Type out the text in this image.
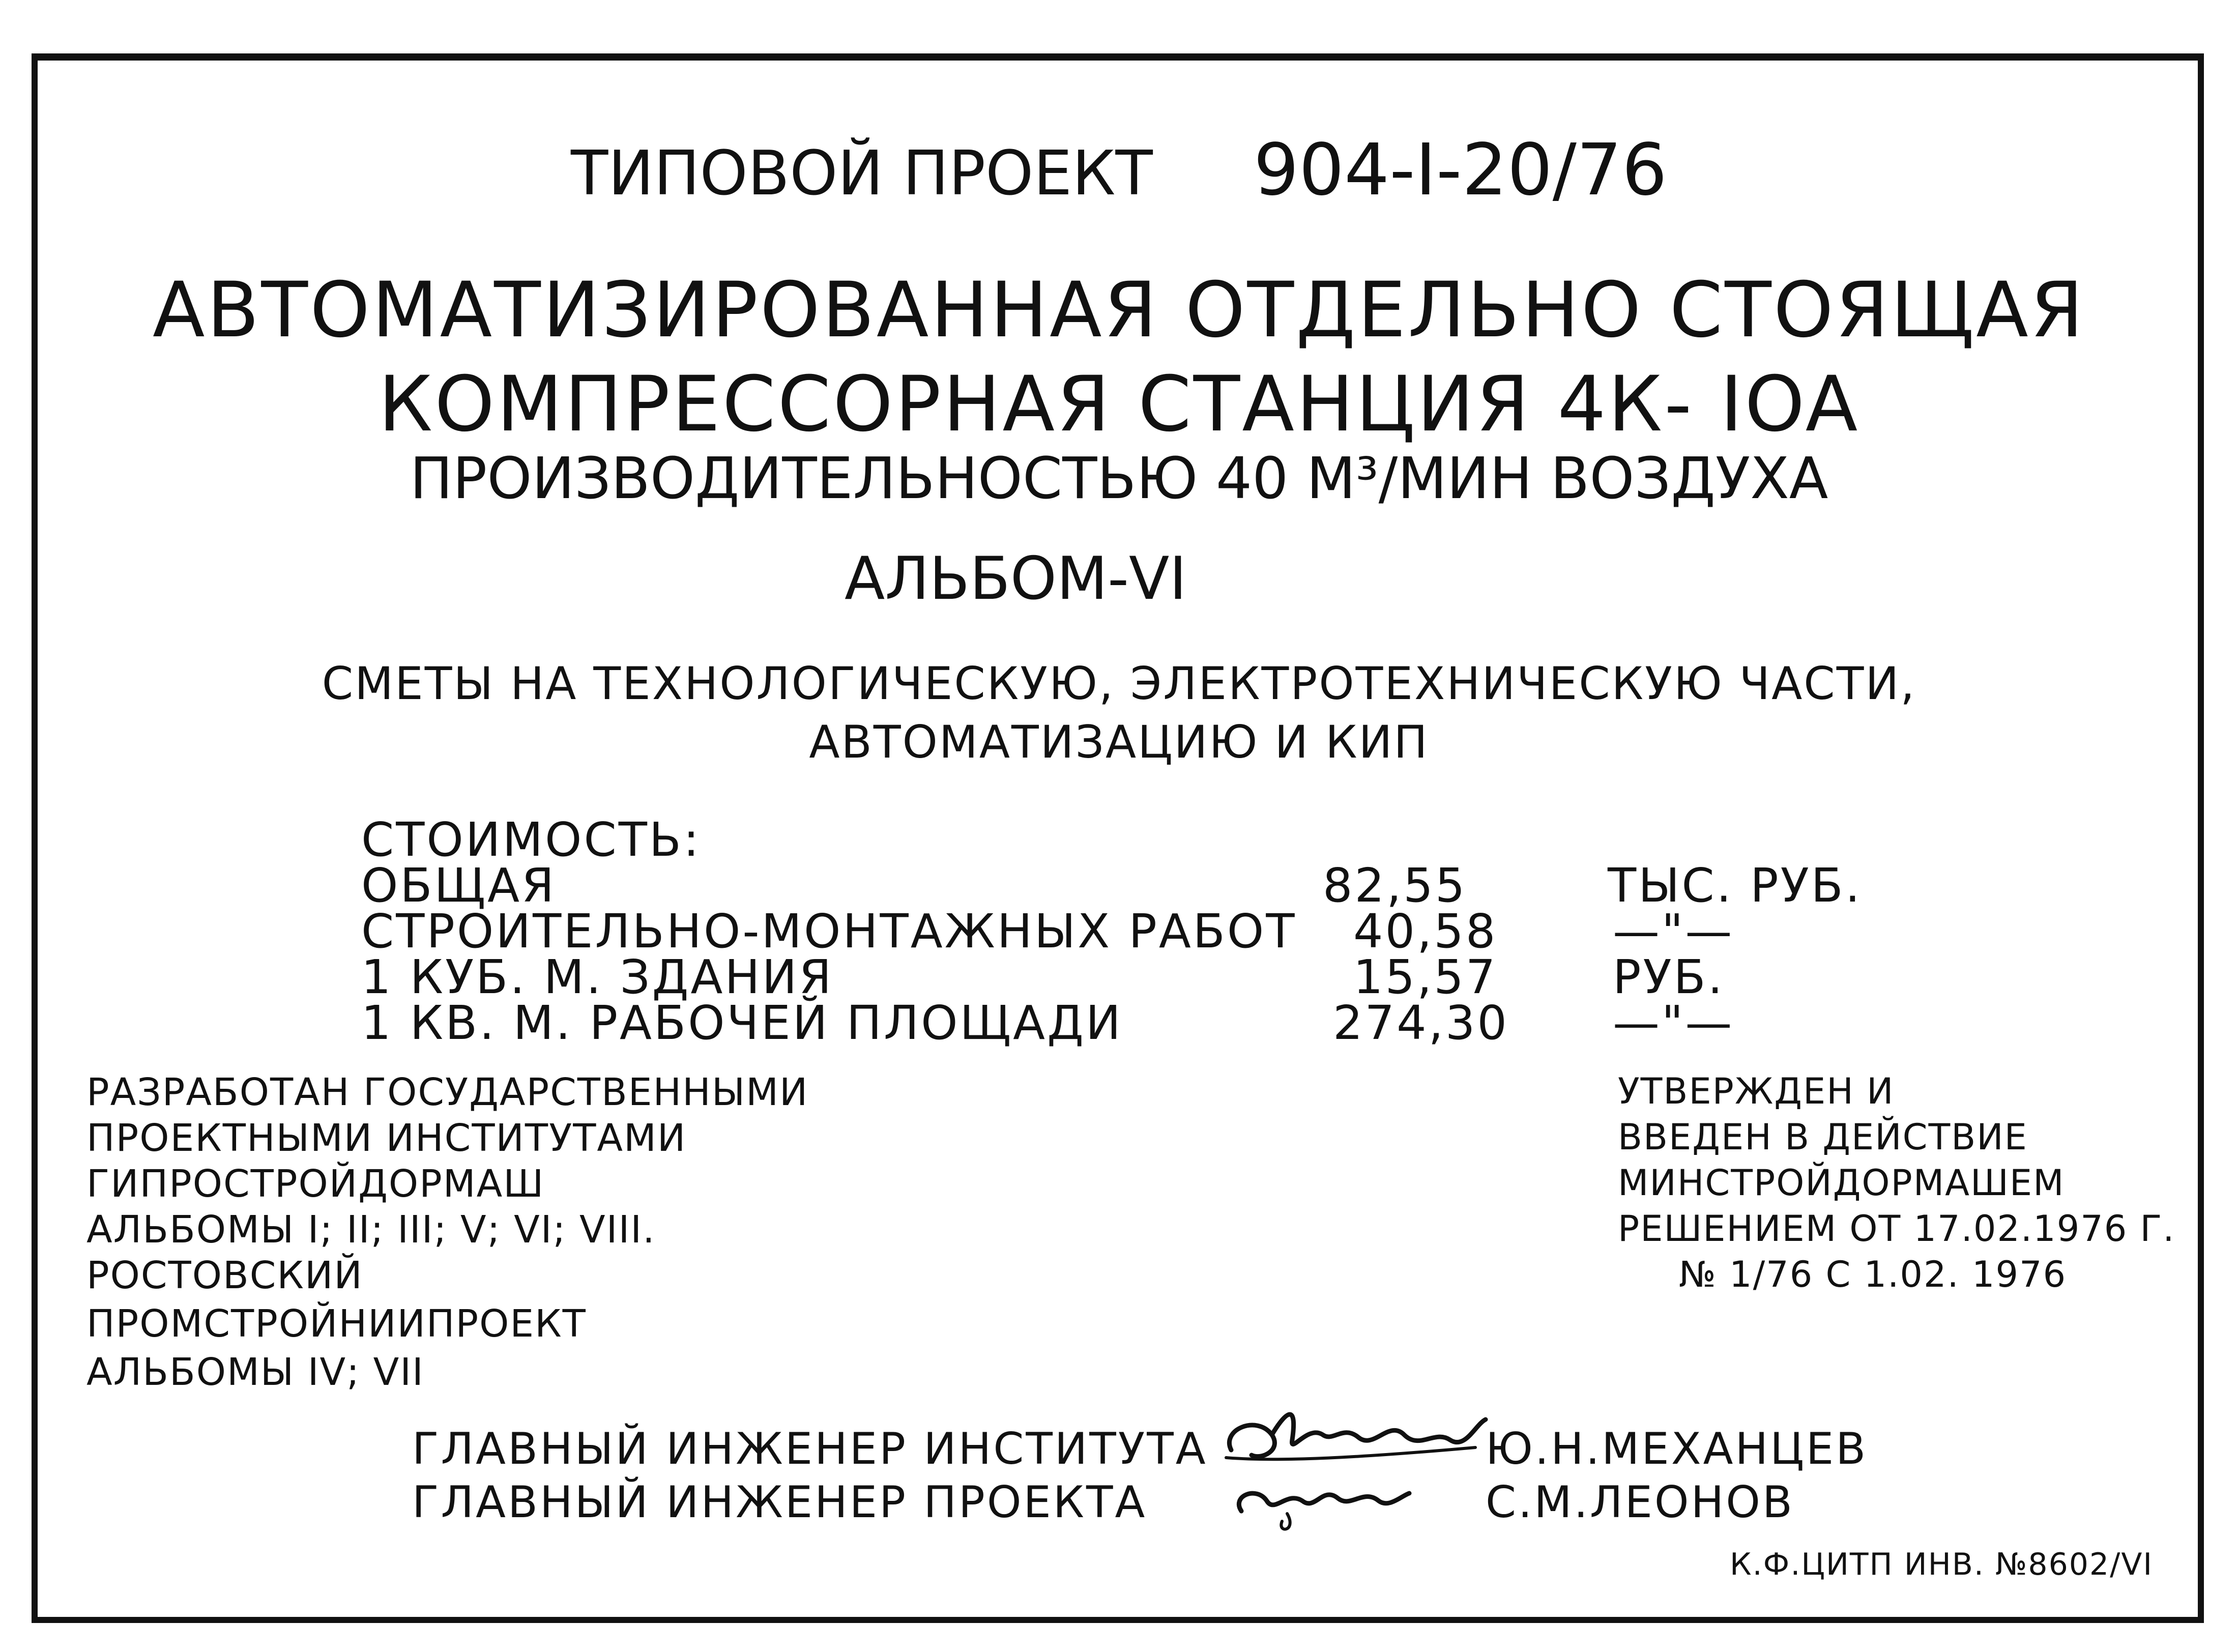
ТИПОВОЙ ПРОЕКТ 904-I-20/76
АВТОМАТИЗИРОВАННАЯ ОТДЕЛЬНО СТОЯЩАЯ
КОМПРЕССОРНАЯ СТАНЦИЯ 4К- IOA
ПРОИЗВОДИТЕЛЬНОСТЬЮ 40 М³/МИН ВОЗДУХА
АЛЬБОМ-VI
СМЕТЫ НА ТЕХНОЛОГИЧЕСКУЮ, ЭЛЕКТРОТЕХНИЧЕСКУЮ ЧАСТИ,
АВТОМАТИЗАЦИЮ И КИП
СТОИМОСТЬ:
ОБЩАЯ	82,55	ТЫС. РУБ.
СТРОИТЕЛЬНО-МОНТАЖНЫХ РАБОТ 40,58 —"—
1 КУБ. М. ЗДАНИЯ	15,57 РУБ.
1 КВ. М. РАБОЧЕЙ ПЛОЩАДИ	274,30 —"—
РАЗРАБОТАН ГОСУДАРСТВЕННЫМИ
ПРОЕКТНЫМИ ИНСТИТУТАМИ
ГИПРОСТРОЙДОРМАШ
АЛЬБОМЫ I; II; III; V; VI; VIII.
РОСТОВСКИЙ
ПРОМСТРОЙНИИПРОЕКТ
АЛЬБОМЫ IV; VII
УТВЕРЖДЕН И
ВВЕДЕН В ДЕЙСТВИЕ
МИНСТРОЙДОРМАШЕМ
РЕШЕНИЕМ ОТ 17.02.1976 Г.
№ 1/76 С 1.02. 1976
ГЛАВНЫЙ ИНЖЕНЕР ИНСТИТУТА	Ю.Н.МЕХАНЦЕВ
ГЛАВНЫЙ ИНЖЕНЕР ПРОЕКТА	С.М.ЛЕОНОВ
К.Ф.ЦИТП ИНВ. №8602/VI
